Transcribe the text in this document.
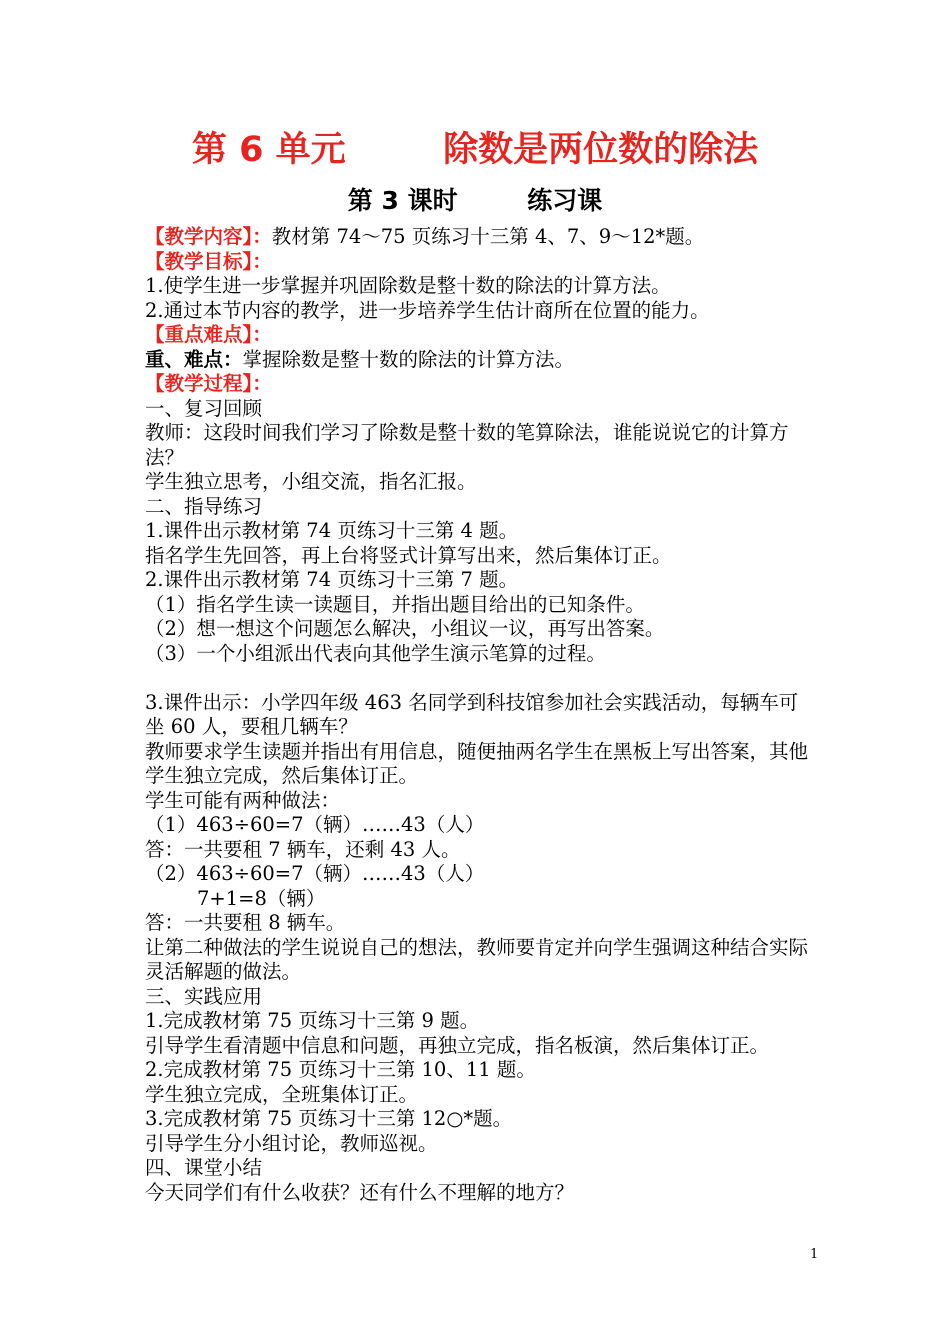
第 6 单元        除数是两位数的除法
第 3 课时        练习课
【教学内容】：教材第 74～75 页练习十三第 4、7、9～12*题。
【教学目标】：
1.使学生进一步掌握并巩固除数是整十数的除法的计算方法。
2.通过本节内容的教学，进一步培养学生估计商所在位置的能力。
【重点难点】：
重、难点：掌握除数是整十数的除法的计算方法。
【教学过程】：
一、复习回顾
教师：这段时间我们学习了除数是整十数的笔算除法，谁能说说它的计算方法？
学生独立思考，小组交流，指名汇报。
二、指导练习
1.课件出示教材第 74 页练习十三第 4 题。
指名学生先回答，再上台将竖式计算写出来，然后集体订正。
2.课件出示教材第 74 页练习十三第 7 题。
（1）指名学生读一读题目，并指出题目给出的已知条件。
（2）想一想这个问题怎么解决，小组议一议，再写出答案。
（3）一个小组派出代表向其他学生演示笔算的过程。
3.课件出示：小学四年级 463 名同学到科技馆参加社会实践活动，每辆车可坐 60 人，要租几辆车？
教师要求学生读题并指出有用信息，随便抽两名学生在黑板上写出答案，其他学生独立完成，然后集体订正。
学生可能有两种做法：
（1）463÷60=7（辆）……43（人）
答：一共要租 7 辆车，还剩 43 人。
（2）463÷60=7（辆）……43（人）
7+1=8（辆）
答：一共要租 8 辆车。
让第二种做法的学生说说自己的想法，教师要肯定并向学生强调这种结合实际灵活解题的做法。
三、实践应用
1.完成教材第 75 页练习十三第 9 题。
引导学生看清题中信息和问题，再独立完成，指名板演，然后集体订正。
2.完成教材第 75 页练习十三第 10、11 题。
学生独立完成，全班集体订正。
3.完成教材第 75 页练习十三第 12○*题。
引导学生分小组讨论，教师巡视。
四、课堂小结
今天同学们有什么收获？还有什么不理解的地方？
1
